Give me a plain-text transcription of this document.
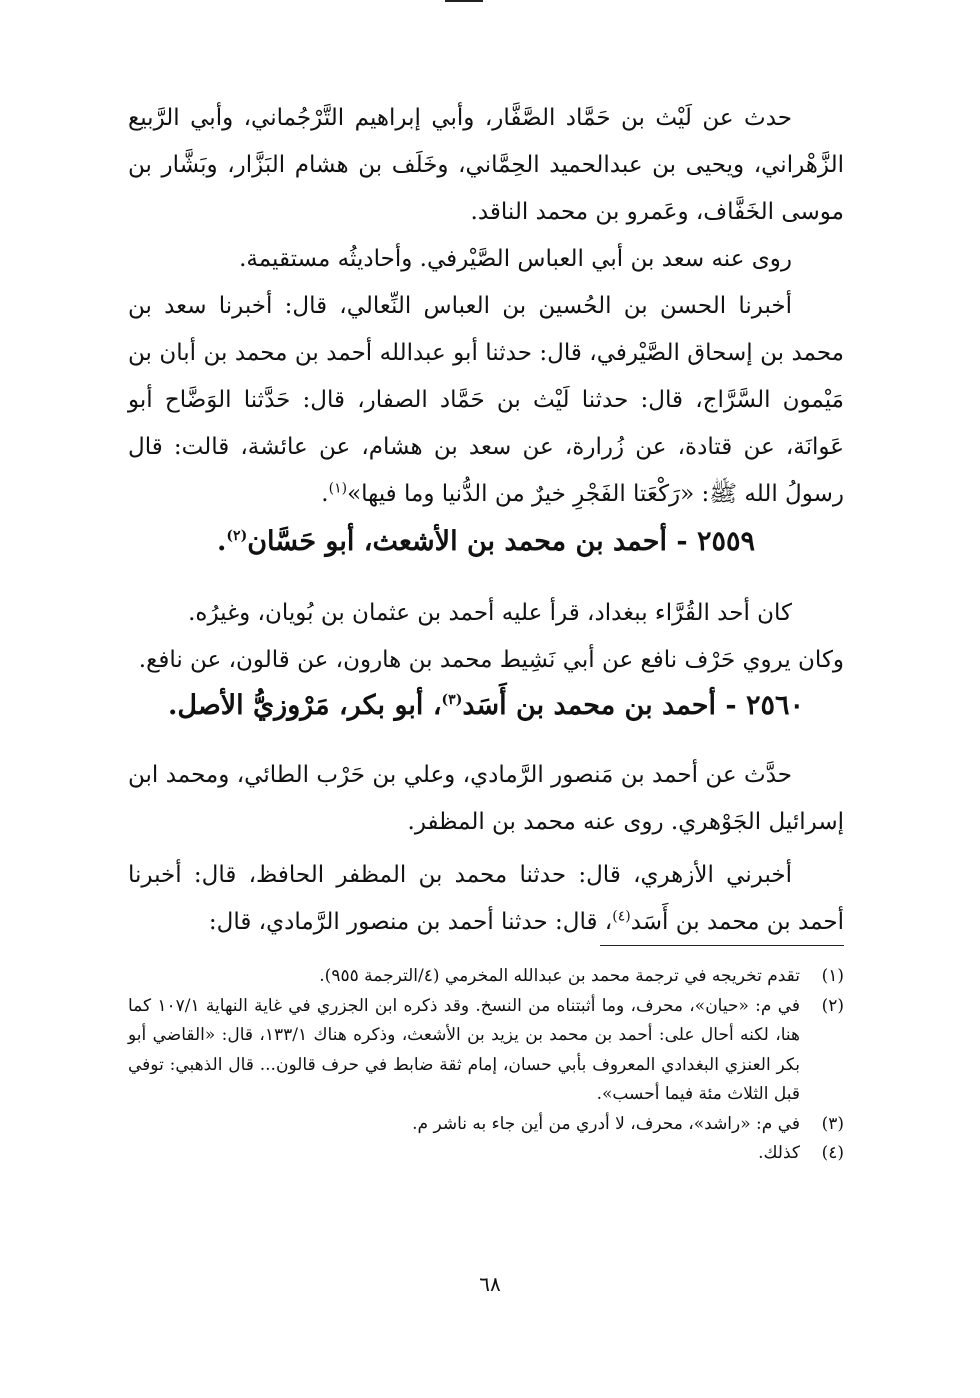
حدث عن لَيْث بن حَمَّاد الصَّفَّار، وأبي إبراهيم التَّرْجُماني، وأبي الرَّبيع الزَّهْراني، ويحيى بن عبدالحميد الحِمَّاني، وخَلَف بن هشام البَزَّار، وبَشَّار بن موسى الخَفَّاف، وعَمرو بن محمد الناقد.

روى عنه سعد بن أبي العباس الصَّيْرفي. وأحاديثُه مستقيمة.

أخبرنا الحسن بن الحُسين بن العباس النِّعالي، قال: أخبرنا سعد بن محمد بن إسحاق الصَّيْرفي، قال: حدثنا أبو عبدالله أحمد بن محمد بن أبان بن مَيْمون السَّرَّاج، قال: حدثنا لَيْث بن حَمَّاد الصفار، قال: حَدَّثنا الوَضَّاح أبو عَوانَة، عن قتادة، عن زُرارة، عن سعد بن هشام، عن عائشة، قالت: قال رسولُ الله ﷺ: «رَكْعَتا الفَجْرِ خيرٌ من الدُّنيا وما فيها»$^{(١)}$.

٢٥٥٩ - أحمد بن محمد بن الأشعث، أبو حَسَّان$^{(٢)}$.

كان أحد القُرَّاء ببغداد، قرأ عليه أحمد بن عثمان بن بُويان، وغيرُه.

وكان يروي حَرْف نافع عن أبي نَشِيط محمد بن هارون، عن قالون، عن نافع.

٢٥٦٠ - أحمد بن محمد بن أَسَد$^{(٣)}$، أبو بكر، مَرْوزيُّ الأصل.

حدَّث عن أحمد بن مَنصور الرَّمادي، وعلي بن حَرْب الطائي، ومحمد ابن إسرائيل الجَوْهري. روى عنه محمد بن المظفر.

أخبرني الأزهري، قال: حدثنا محمد بن المظفر الحافظ، قال: أخبرنا أحمد بن محمد بن أَسَد$^{(٤)}$، قال: حدثنا أحمد بن منصور الرَّمادي، قال:

(١)
تقدم تخريجه في ترجمة محمد بن عبدالله المخرمي (٤/الترجمة ٩٥٥).
(٢)
في م: «حيان»، محرف، وما أثبتناه من النسخ. وقد ذكره ابن الجزري في غاية النهاية ١٠٧/١ كما هنا، لكنه أحال على: أحمد بن محمد بن يزيد بن الأشعث، وذكره هناك ١٣٣/١، قال: «القاضي أبو بكر العنزي البغدادي المعروف بأبي حسان، إمام ثقة ضابط في حرف قالون... قال الذهبي: توفي قبل الثلاث مئة فيما أحسب».
(٣)
في م: «راشد»، محرف، لا أدري من أين جاء به ناشر م.
(٤)
كذلك.
٦٨
